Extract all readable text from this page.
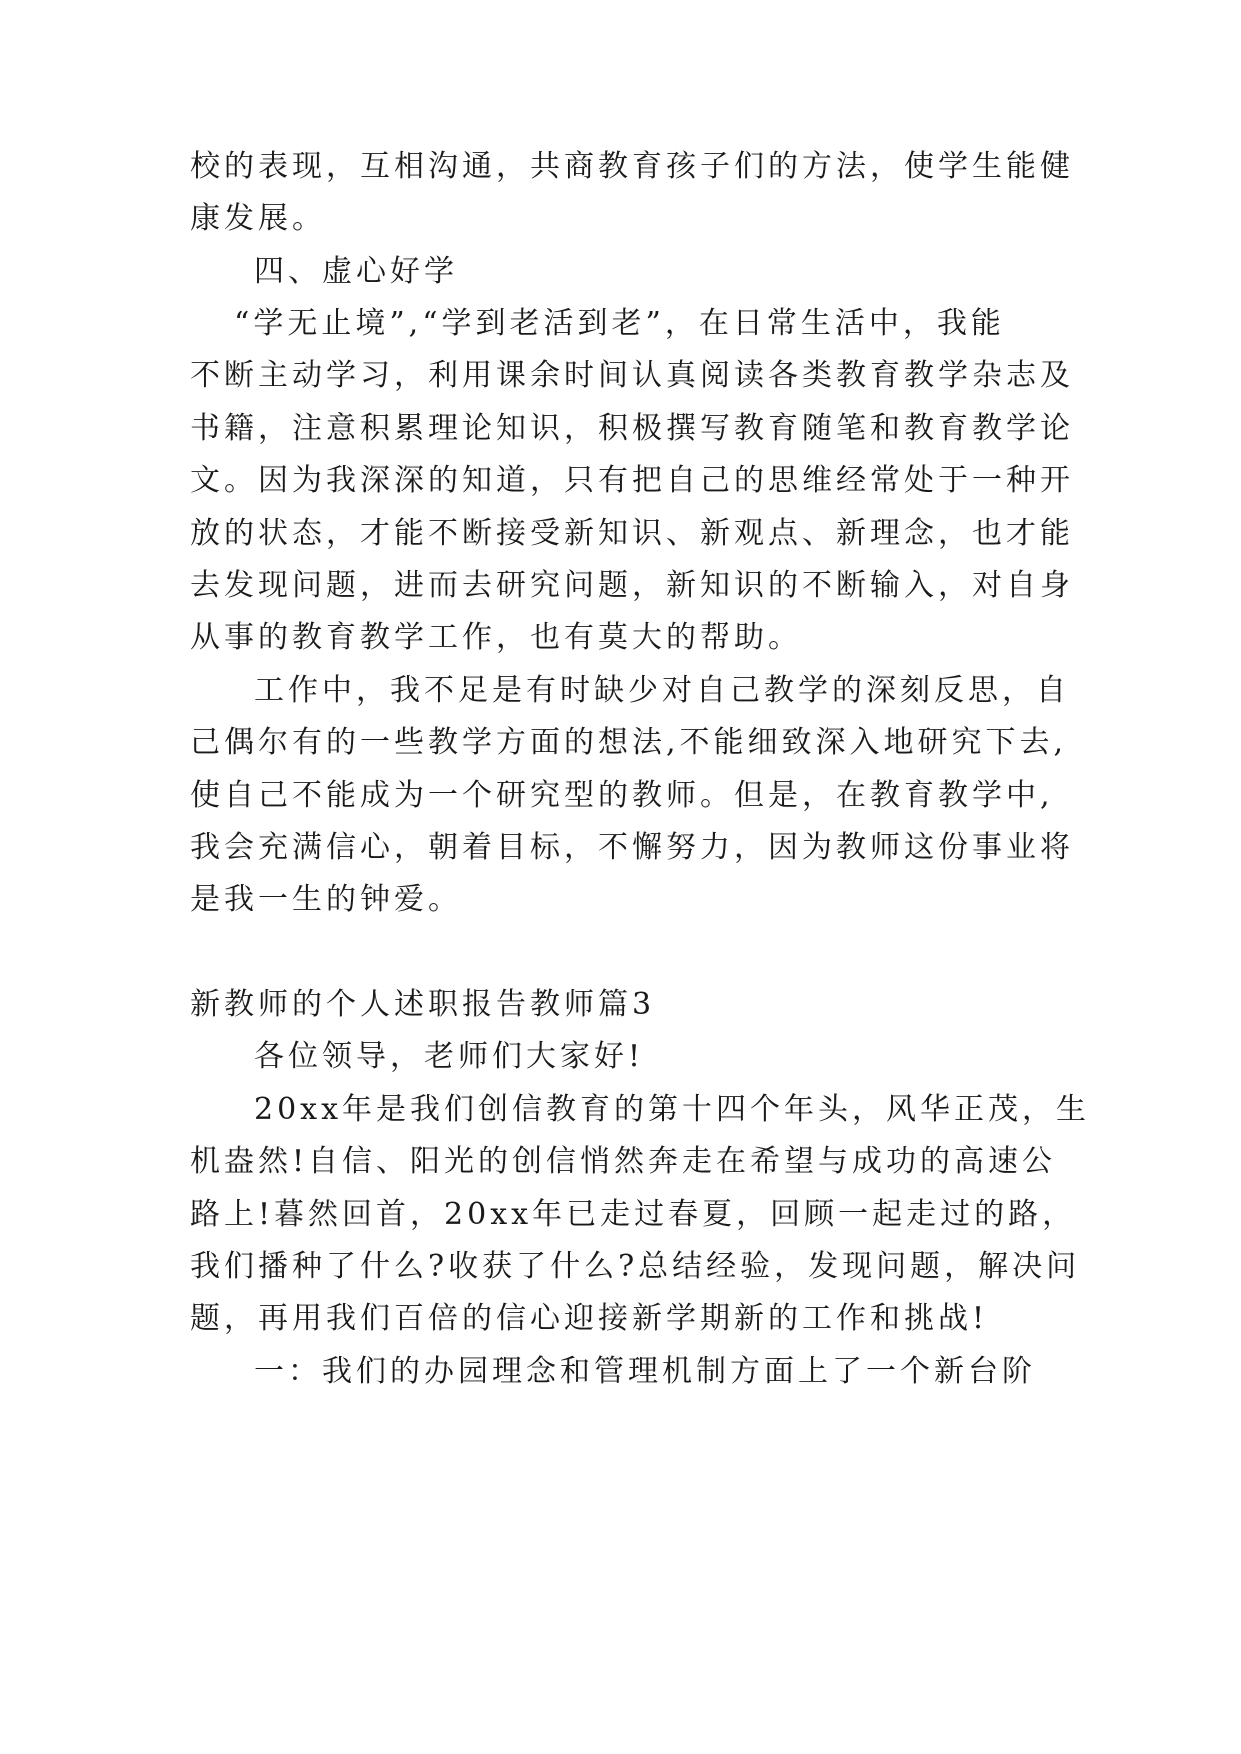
校的表现，互相沟通，共商教育孩子们的方法，使学生能健
康发展。
四、虚心好学
“学无止境”,“学到老活到老”，在日常生活中，我能
不断主动学习，利用课余时间认真阅读各类教育教学杂志及
书籍，注意积累理论知识，积极撰写教育随笔和教育教学论
文。因为我深深的知道，只有把自己的思维经常处于一种开
放的状态，才能不断接受新知识、新观点、新理念，也才能
去发现问题，进而去研究问题，新知识的不断输入，对自身
从事的教育教学工作，也有莫大的帮助。
工作中，我不足是有时缺少对自己教学的深刻反思，自
己偶尔有的一些教学方面的想法,不能细致深入地研究下去,
使自己不能成为一个研究型的教师。但是，在教育教学中,
我会充满信心，朝着目标，不懈努力，因为教师这份事业将
是我一生的钟爱。
新教师的个人述职报告教师篇3
各位领导，老师们大家好!
20xx年是我们创信教育的第十四个年头，风华正茂，生
机盎然!自信、阳光的创信悄然奔走在希望与成功的高速公
路上!暮然回首，20xx年已走过春夏，回顾一起走过的路，
我们播种了什么?收获了什么?总结经验，发现问题，解决问
题，再用我们百倍的信心迎接新学期新的工作和挑战!
一：我们的办园理念和管理机制方面上了一个新台阶
